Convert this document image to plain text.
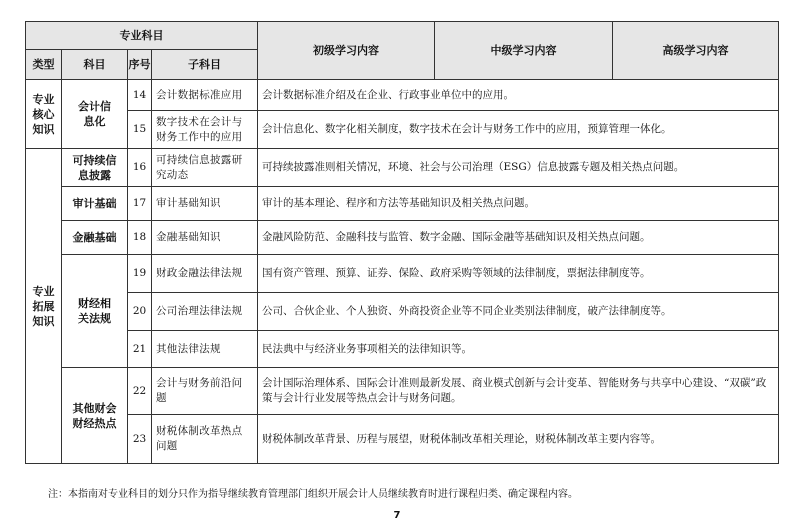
专业科目				初级学习内容	中级学习内容	高级学习内容
类型	科目	序号	子科目			
专业核心知识	会计信息化	14	会计数据标准应用	会计数据标准介绍及在企业、行政事业单位中的应用。		
		15	数字技术在会计与财务工作中的应用	会计信息化、数字化相关制度，数字技术在会计与财务工作中的应用，预算管理一体化。		
专业拓展知识	可持续信息披露	16	可持续信息披露研究动态	可持续披露准则相关情况，环境、社会与公司治理（ESG）信息披露专题及相关热点问题。		
	审计基础	17	审计基础知识	审计的基本理论、程序和方法等基础知识及相关热点问题。		
	金融基础	18	金融基础知识	金融风险防范、金融科技与监管、数字金融、国际金融等基础知识及相关热点问题。		
	财经相关法规	19	财政金融法律法规	国有资产管理、预算、证券、保险、政府采购等领域的法律制度，票据法律制度等。		
		20	公司治理法律法规	公司、合伙企业、个人独资、外商投资企业等不同企业类别法律制度，破产法律制度等。		
		21	其他法律法规	民法典中与经济业务事项相关的法律知识等。		
	其他财会财经热点	22	会计与财务前沿问题	会计国际治理体系、国际会计准则最新发展、商业模式创新与会计变革、智能财务与共享中心建设、“双碳”政策与会计行业发展等热点会计与财务问题。		
		23	财税体制改革热点问题	财税体制改革背景、历程与展望，财税体制改革相关理论，财税体制改革主要内容等。		
注：本指南对专业科目的划分只作为指导继续教育管理部门组织开展会计人员继续教育时进行课程归类、确定课程内容。
7
